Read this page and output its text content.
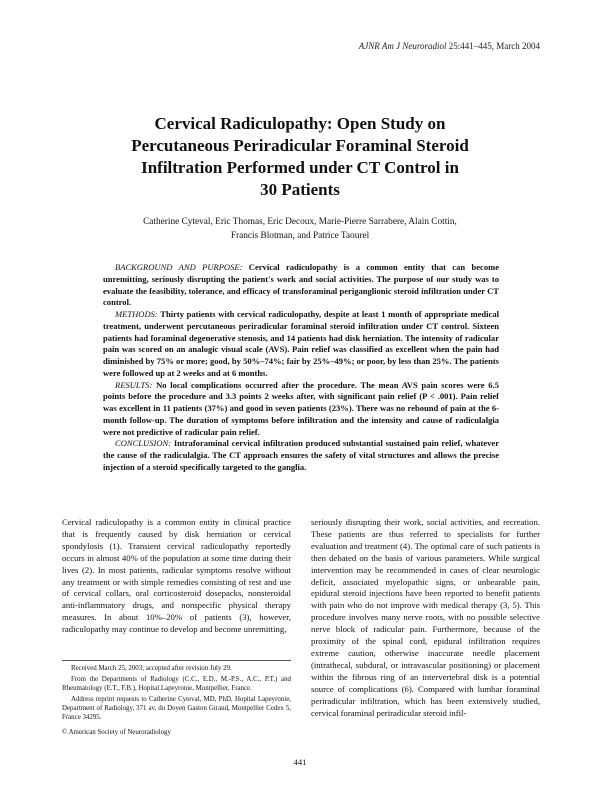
AJNR Am J Neuroradiol 25:441–445, March 2004
Cervical Radiculopathy: Open Study on
Percutaneous Periradicular Foraminal Steroid
Infiltration Performed under CT Control in
30 Patients
Catherine Cyteval, Eric Thomas, Eric Decoux, Marie-Pierre Sarrabere, Alain Cottin,
Francis Blotman, and Patrice Taourel

BACKGROUND AND PURPOSE: Cervical radiculopathy is a common entity that can become unremitting, seriously disrupting the patient's work and social activities. The purpose of our study was to evaluate the feasibility, tolerance, and efficacy of transforaminal periganglionic steroid infiltration under CT control.

METHODS: Thirty patients with cervical radiculopathy, despite at least 1 month of appropriate medical treatment, underwent percutaneous periradicular foraminal steroid infiltration under CT control. Sixteen patients had foraminal degenerative stenosis, and 14 patients had disk herniation. The intensity of radicular pain was scored on an analogic visual scale (AVS). Pain relief was classified as excellent when the pain had diminished by 75% or more; good, by 50%–74%; fair by 25%–49%; or poor, by less than 25%. The patients were followed up at 2 weeks and at 6 months.

RESULTS: No local complications occurred after the procedure. The mean AVS pain scores were 6.5 points before the procedure and 3.3 points 2 weeks after, with significant pain relief (P < .001). Pain relief was excellent in 11 patients (37%) and good in seven patients (23%). There was no rebound of pain at the 6-month follow-up. The duration of symptoms before infiltration and the intensity and cause of radiculalgia were not predictive of radicular pain relief.

CONCLUSION: Intraforaminal cervical infiltration produced substantial sustained pain relief, whatever the cause of the radiculalgia. The CT approach ensures the safety of vital structures and allows the precise injection of a steroid specifically targeted to the ganglia.

Cervical radiculopathy is a common entity in clinical practice that is frequently caused by disk herniation or cervical spondylosis (1). Transient cervical radiculopathy reportedly occurs in almost 40% of the population at some time during their lives (2). In most patients, radicular symptoms resolve without any treatment or with simple remedies consisting of rest and use of cervical collars, oral corticosteroid dosepacks, nonsteroidal anti-inflammatory drugs, and nonspecific physical therapy measures. In about 10%–20% of patients (3), however, radiculopathy may continue to develop and become unremitting,

Received March 25, 2003; accepted after revision July 29.

From the Departments of Radiology (C.C., E.D., M.-P.S., A.C., P.T.) and Rheumatology (E.T., F.B.), Hopital Lapeyronie, Montpellier, France.

Address reprint requests to Catherine Cyteval, MD, PhD, Hopital Lapeyronie, Department of Radiology, 371 av. du Doyen Gaston Giraud, Montpellier Cedex 5, France 34295.

© American Society of Neuroradiology

seriously disrupting their work, social activities, and recreation. These patients are thus referred to specialists for further evaluation and treatment (4). The optimal care of such patients is then debated on the basis of various parameters. While surgical intervention may be recommended in cases of clear neurologic deficit, associated myelopathic signs, or unbearable pain, epidural steroid injections have been reported to benefit patients with pain who do not improve with medical therapy (3, 5). This procedure involves many nerve roots, with no possible selective nerve block of radicular pain. Furthermore, because of the proximity of the spinal cord, epidural infiltration requires extreme caution, otherwise inaccurate needle placement (intrathecal, subdural, or intravascular positioning) or placement within the fibrous ring of an intervertebral disk is a potential source of complications (6). Compared with lumbar foraminal periradicular infiltration, which has been extensively studied, cervical foraminal periradicular steroid infil-

441
